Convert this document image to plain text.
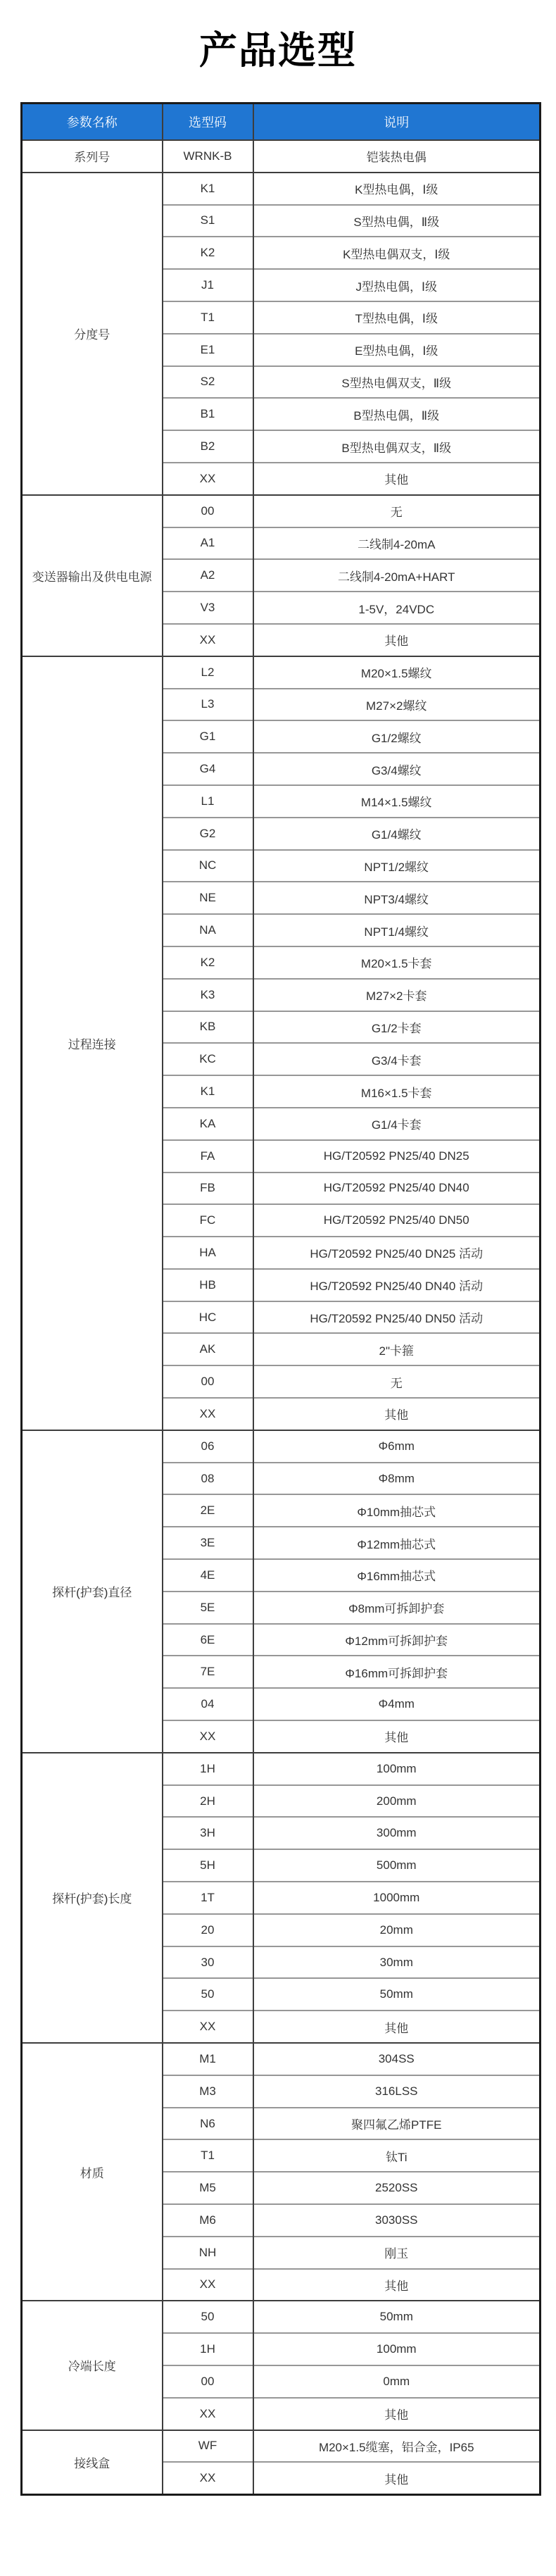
产品选型
参数名称	选型码	说明
系列号	WRNK-B	铠装热电偶
分度号	K1	K型热电偶，Ⅰ级
	S1	S型热电偶，Ⅱ级
	K2	K型热电偶双支，Ⅰ级
	J1	J型热电偶，Ⅰ级
	T1	T型热电偶，Ⅰ级
	E1	E型热电偶，Ⅰ级
	S2	S型热电偶双支，Ⅱ级
	B1	B型热电偶，Ⅱ级
	B2	B型热电偶双支，Ⅱ级
	XX	其他
变送器输出及供电电源	00	无
	A1	二线制4-20mA
	A2	二线制4-20mA+HART
	V3	1-5V，24VDC
	XX	其他
过程连接	L2	M20×1.5螺纹
	L3	M27×2螺纹
	G1	G1/2螺纹
	G4	G3/4螺纹
	L1	M14×1.5螺纹
	G2	G1/4螺纹
	NC	NPT1/2螺纹
	NE	NPT3/4螺纹
	NA	NPT1/4螺纹
	K2	M20×1.5卡套
	K3	M27×2卡套
	KB	G1/2卡套
	KC	G3/4卡套
	K1	M16×1.5卡套
	KA	G1/4卡套
	FA	HG/T20592 PN25/40 DN25
	FB	HG/T20592 PN25/40 DN40
	FC	HG/T20592 PN25/40 DN50
	HA	HG/T20592 PN25/40 DN25 活动
	HB	HG/T20592 PN25/40 DN40 活动
	HC	HG/T20592 PN25/40 DN50 活动
	AK	2"卡箍
	00	无
	XX	其他
探杆(护套)直径	06	Φ6mm
	08	Φ8mm
	2E	Φ10mm抽芯式
	3E	Φ12mm抽芯式
	4E	Φ16mm抽芯式
	5E	Φ8mm可拆卸护套
	6E	Φ12mm可拆卸护套
	7E	Φ16mm可拆卸护套
	04	Φ4mm
	XX	其他
探杆(护套)长度	1H	100mm
	2H	200mm
	3H	300mm
	5H	500mm
	1T	1000mm
	20	20mm
	30	30mm
	50	50mm
	XX	其他
材质	M1	304SS
	M3	316LSS
	N6	聚四氟乙烯PTFE
	T1	钛Ti
	M5	2520SS
	M6	3030SS
	NH	刚玉
	XX	其他
冷端长度	50	50mm
	1H	100mm
	00	0mm
	XX	其他
接线盒	WF	M20×1.5缆塞，铝合金，IP65
	XX	其他
